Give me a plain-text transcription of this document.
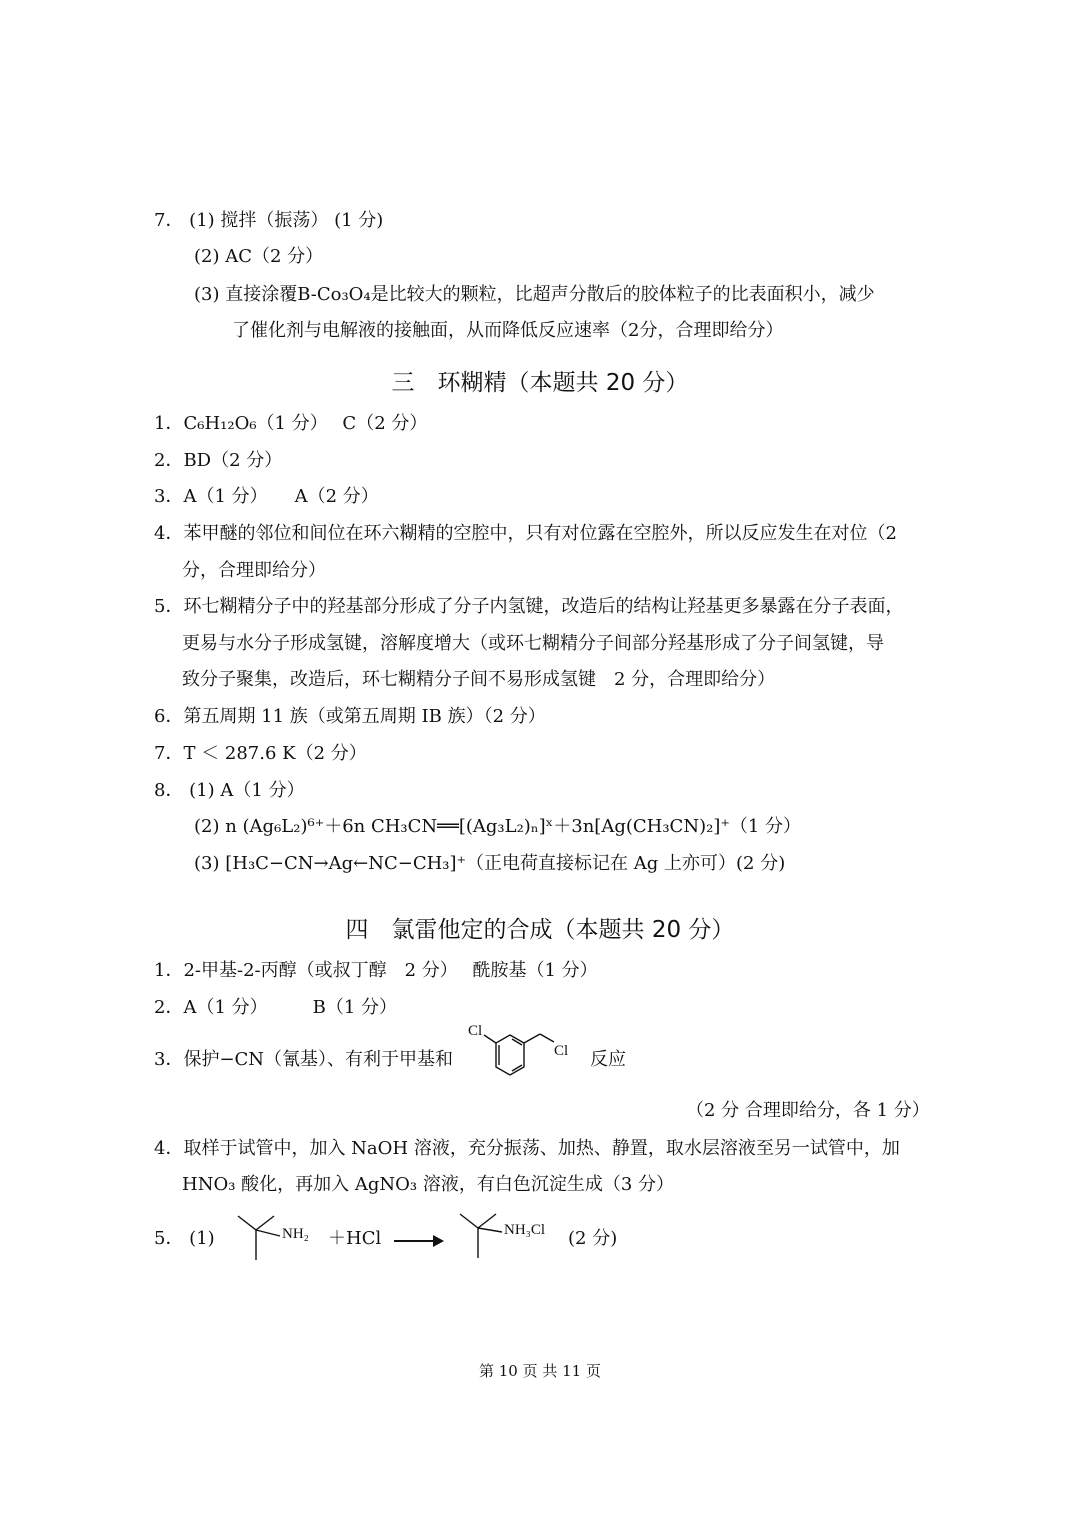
7． (1) 搅拌（振荡） (1 分)
(2) AC（2 分）
(3) 直接涂覆B-Co₃O₄是比较大的颗粒，比超声分散后的胶体粒子的比表面积小，减少
了催化剂与电解液的接触面，从而降低反应速率（2分，合理即给分）
三　环糊精（本题共 20 分）
1．C₆H₁₂O₆（1 分）　 C（2 分）
2．BD（2 分）
3．A（1 分）　　A（2 分）
4．苯甲醚的邻位和间位在环六糊精的空腔中，只有对位露在空腔外，所以反应发生在对位（2
分，合理即给分）
5．环七糊精分子中的羟基部分形成了分子内氢键，改造后的结构让羟基更多暴露在分子表面，
更易与水分子形成氢键，溶解度增大（或环七糊精分子间部分羟基形成了分子间氢键，导
致分子聚集，改造后，环七糊精分子间不易形成氢键　2 分，合理即给分）
6．第五周期 11 族（或第五周期 IB 族）（2 分）
7．T ＜ 287.6 K（2 分）
8． (1) A（1 分）
(2) n (Ag₆L₂)⁶⁺＋6n CH₃CN══[(Ag₃L₂)ₙ]ˣ＋3n[Ag(CH₃CN)₂]⁺（1 分）
(3) [H₃C−CN→Ag←NC−CH₃]⁺（正电荷直接标记在 Ag 上亦可）(2 分)
四　氯雷他定的合成（本题共 20 分）
1．2-甲基-2-丙醇（或叔丁醇　2 分）　 酰胺基（1 分）
2．A（1 分）　　　B（1 分）
3．保护−CN（氰基）、有利于甲基和
Cl
Cl 反应
（2 分 合理即给分，各 1 分）
4．取样于试管中，加入 NaOH 溶液，充分振荡、加热、静置，取水层溶液至另一试管中，加
HNO₃ 酸化，再加入 AgNO₃ 溶液，有白色沉淀生成（3 分）
5． (1)	NH₂ ＋HCl →
NH₃Cl (2 分)
第 10 页 共 11 页
